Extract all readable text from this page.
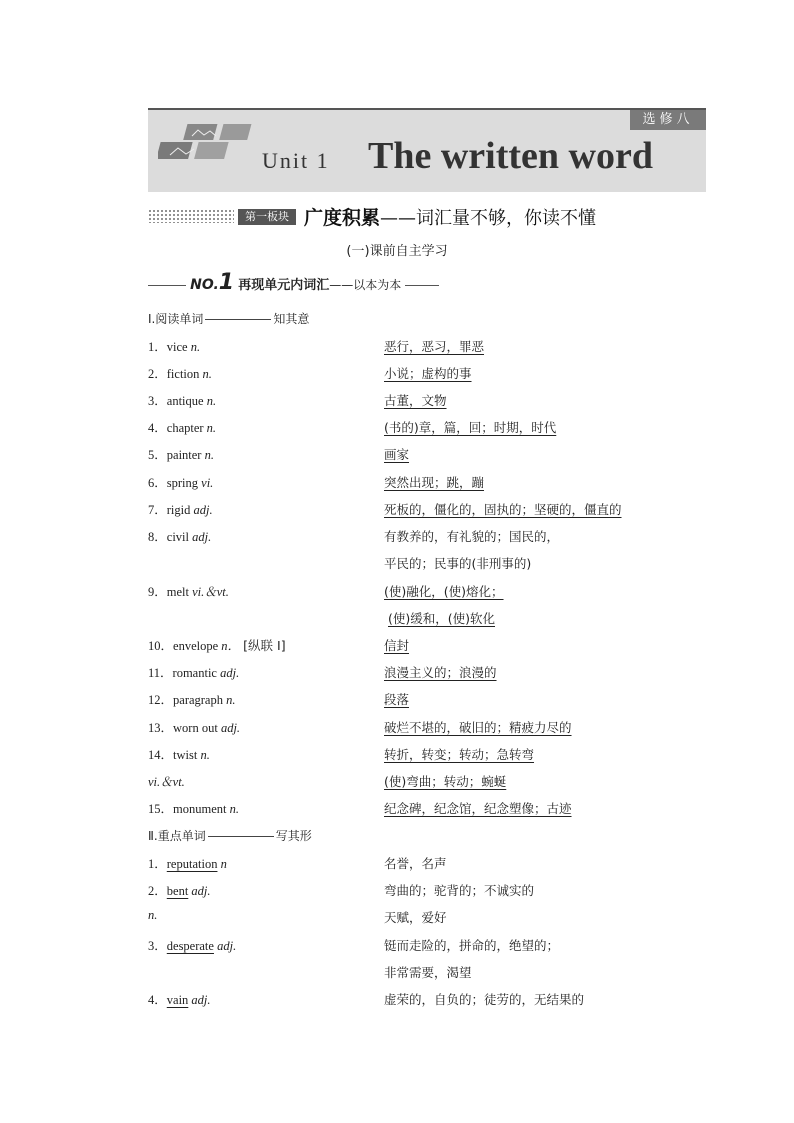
选修八
Unit 1 The written word
第一板块 广度积累——词汇量不够，你读不懂
(一)课前自主学习
NO.1 再现单元内词汇——以本为本
Ⅰ.阅读单词	知其意
1．vice n.	恶行，恶习，罪恶
2．fiction n.	小说；虚构的事
3．antique n.	古董，文物
4．chapter n.	(书的)章，篇，回；时期，时代
5．painter n.	画家
6．spring vi.	突然出现；跳，蹦
7．rigid adj.	死板的，僵化的，固执的；坚硬的，僵直的
8．civil adj.	有教养的，有礼貌的；国民的，
平民的；民事的(非刑事的)
9．melt vi.＆vt.	(使)融化，(使)熔化；
(使)缓和，(使)软化
10．envelope n． [纵联 Ⅰ]	信封
11．romantic adj.	浪漫主义的；浪漫的
12．paragraph n.	段落
13．worn out adj.	破烂不堪的，破旧的；精疲力尽的
14．twist n.	转折，转变；转动；急转弯
vi.＆vt.	(使)弯曲；转动；蜿蜒
15．monument n.	纪念碑，纪念馆，纪念塑像；古迹
Ⅱ.重点单词	写其形
1．reputation n	名誉，名声
2．bent adj.	弯曲的；驼背的；不诚实的
n.	天赋，爱好
3．desperate adj.	铤而走险的，拼命的，绝望的；
非常需要，渴望
4．vain adj.	虚荣的，自负的；徒劳的，无结果的
